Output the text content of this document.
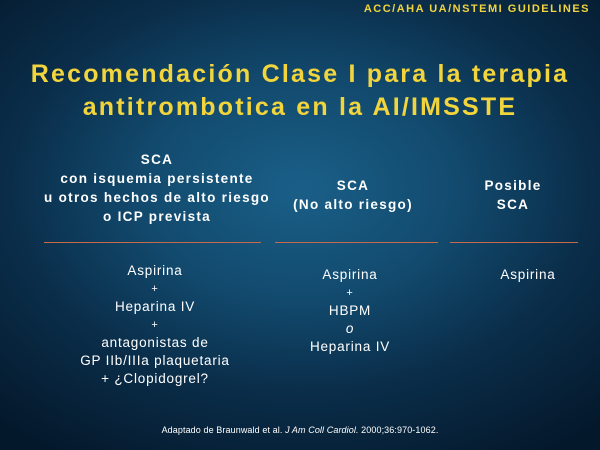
ACC/AHA UA/NSTEMI GUIDELINES
Recomendación Clase I para la terapia
antitrombotica en la AI/IMSSTE
SCA
con isquemia persistente
u otros hechos de alto riesgo
o ICP prevista
Aspirina
+
Heparina IV
+
antagonistas de
GP IIb/IIIa plaquetaria
+ ¿Clopidogrel?
SCA
(No alto riesgo)
Aspirina
+
HBPM
o
Heparina IV
Posible
SCA
Aspirina
Adaptado de Braunwald et al. J Am Coll Cardiol. 2000;36:970-1062.
